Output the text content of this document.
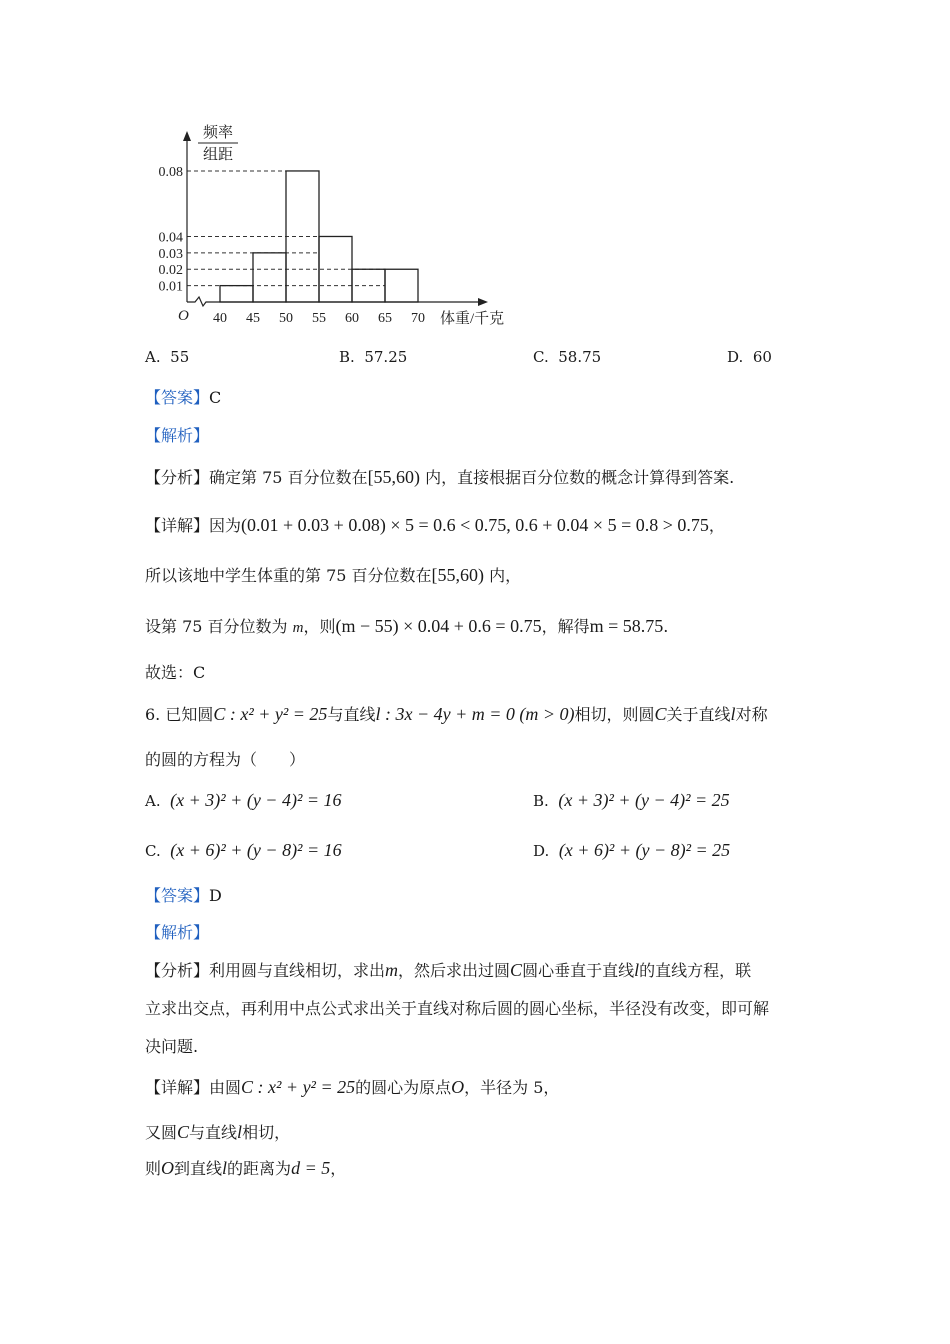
0.08
0.04
0.03
0.02
0.01
40 45 50 55 60 65 70
O	体重/千克
频率
组距
A. 55	B. 57.25	C. 58.75	D. 60
【答案】C
【解析】
【分析】确定第 75 百分位数在[55,60) 内，直接根据百分位数的概念计算得到答案.
【详解】因为(0.01 + 0.03 + 0.08) × 5 = 0.6 < 0.75, 0.6 + 0.04 × 5 = 0.8 > 0.75，
所以该地中学生体重的第 75 百分位数在[55,60) 内，
设第 75 百分位数为 m，则(m − 55) × 0.04 + 0.6 = 0.75，解得m = 58.75.
故选：C
6. 已知圆C : x² + y² = 25与直线l : 3x − 4y + m = 0 (m > 0)相切，则圆C关于直线l对称
的圆的方程为（　　）
A. (x + 3)² + (y − 4)² = 16	B. (x + 3)² + (y − 4)² = 25
C. (x + 6)² + (y − 8)² = 16	D. (x + 6)² + (y − 8)² = 25
【答案】D
【解析】
【分析】利用圆与直线相切，求出m，然后求出过圆C圆心垂直于直线l的直线方程，联
立求出交点，再利用中点公式求出关于直线对称后圆的圆心坐标，半径没有改变，即可解
决问题.
【详解】由圆C : x² + y² = 25的圆心为原点O，半径为 5，
又圆C与直线l相切，
则O到直线l的距离为d = 5，
